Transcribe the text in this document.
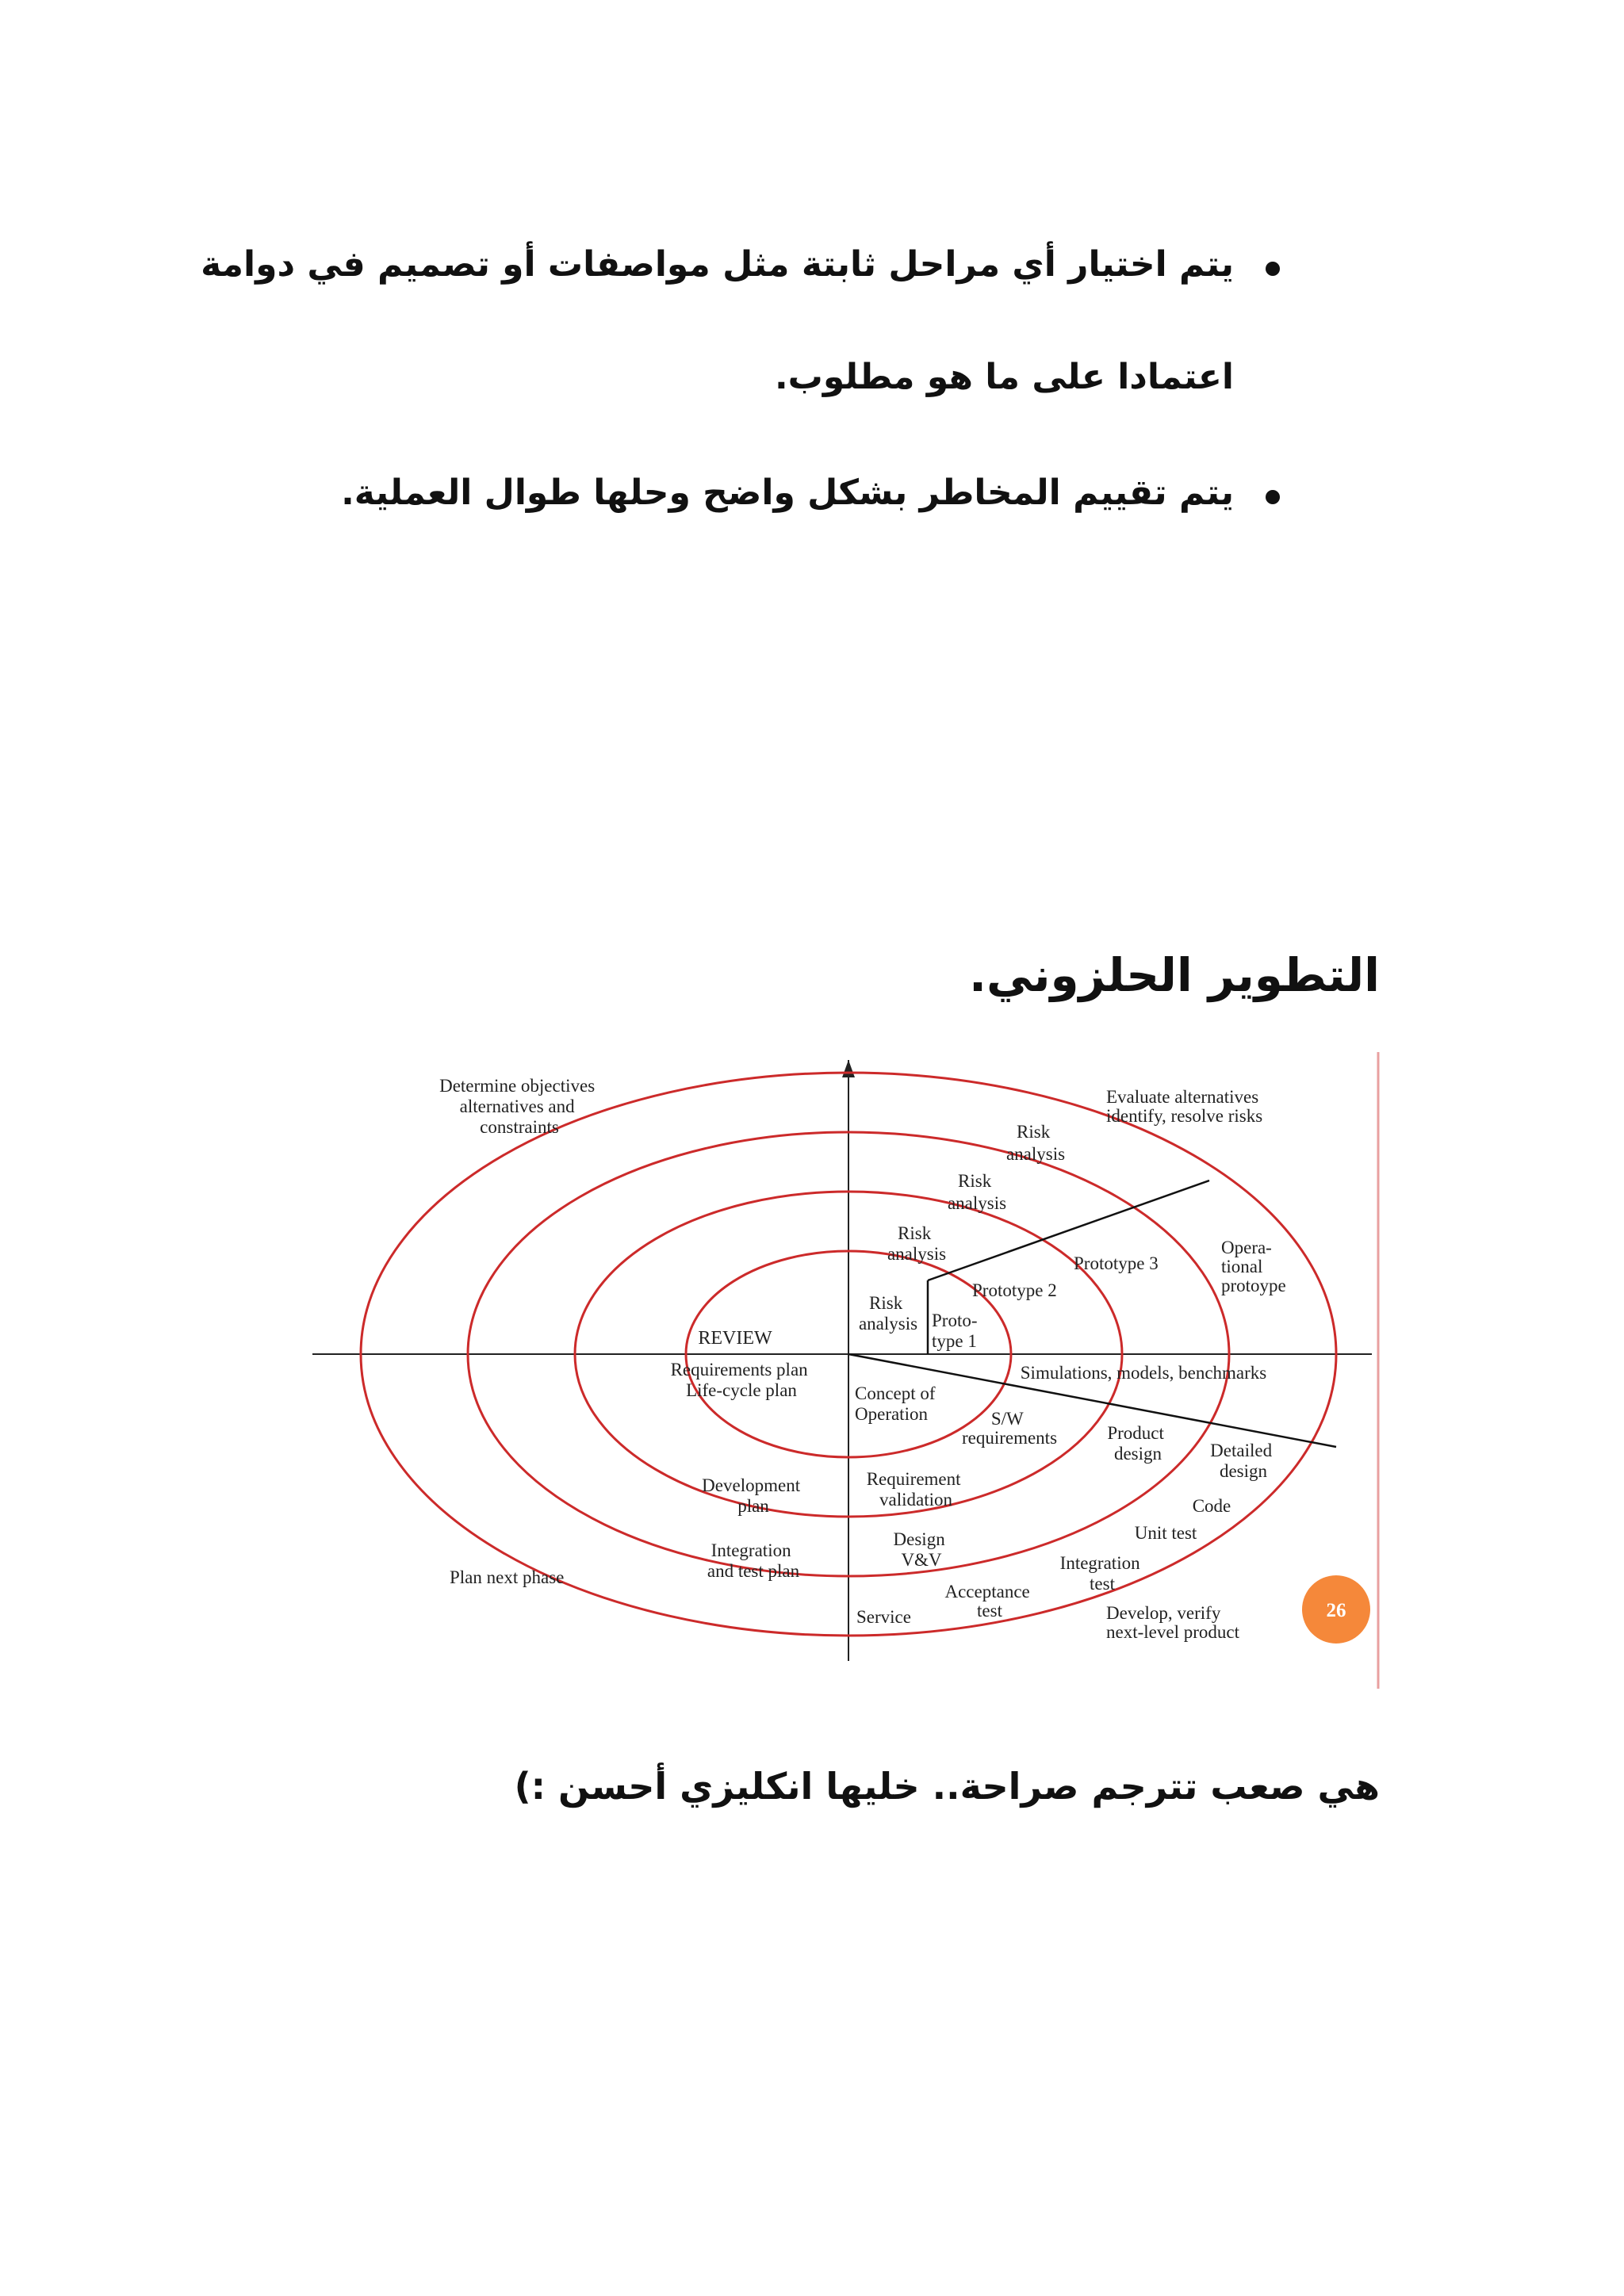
يتم اختيار أي مراحل ثابتة مثل مواصفات أو تصميم في دوامة
اعتمادا على ما هو مطلوب.
يتم تقييم المخاطر بشكل واضح وحلها طوال العملية.
التطوير الحلزوني.
Determine objectives alternatives and constraints
Evaluate alternatives identify, resolve risks
Plan next phase
Develop, verify next-level product
Risk analysis
Risk analysis
Risk analysis
Risk analysis Proto- type 1
Prototype 2
Prototype 3
Opera- tional protoype
REVIEW
Requirements plan Life-cycle plan
Development plan
Integration and test plan
Simulations, models, benchmarks
Concept of Operation	S/W requirements	Product design	Detailed design
Code
Unit test
Requirement validation
Design V&V	Integration test
Acceptance test
Service	26
هي صعب تترجم صراحة.. خليها انكليزي أحسن :)
